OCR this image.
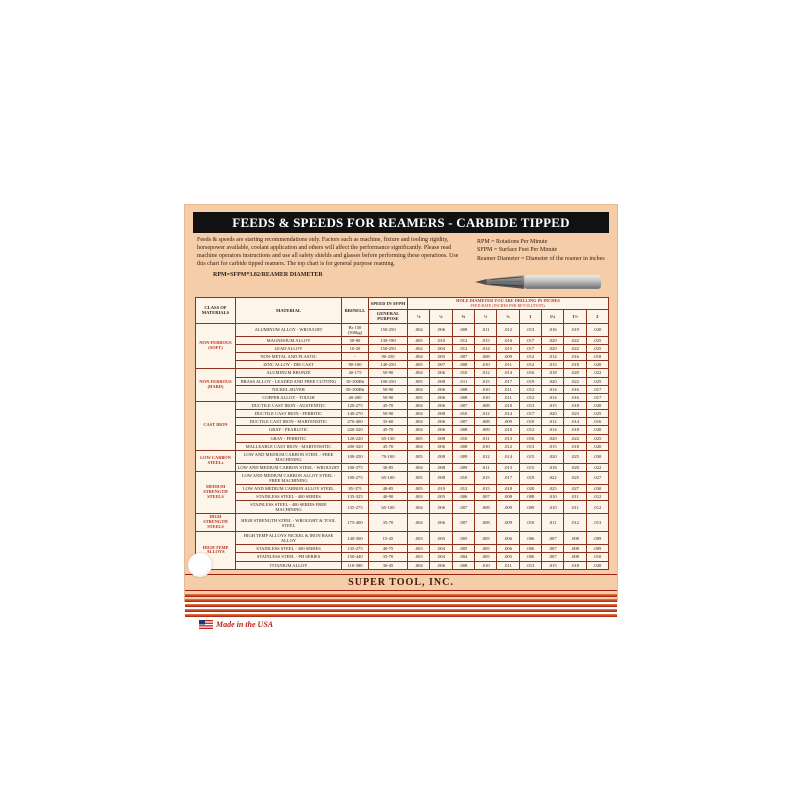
FEEDS & SPEEDS FOR REAMERS - CARBIDE TIPPED
Feeds & speeds are starting recommendations only. Factors such as machine, fixture and tooling rigidity, horsepower available, coolant application and others will affect the performance significantly. Please read machine operators instructions and use all safety shields and glasses before performing these operations. Use this chart for carbide tipped reamers. The top chart is for general purpose reaming.
RPM=SFPM*3.82/REAMER DIAMETER
RPM = Rotations Per Minute
SFPM = Surface Feet Per Minute
Reamer Diameter = Diameter of the reamer in inches
CLASS OF MATERIALS	MATERIAL	BRINELL	SPEED IN SFPM	HOLE DIAMETER YOU ARE DRILLING IN INCHES
FEED RATE (INCHES PER REVOLUTION):								

			GENERAL PURPOSE	⅛	¼	⅜	½	¾	1	1¼	1½	2
NON-FERROUS (SOFT)	ALUMINUM ALLOY - WROUGHT	Br 150 (500kg)	150-250	.004	.006	.008	.011	.012	.013	.016	.019	.020
	MAGNESIUM ALLOY	50-90	130-190	.005	.010	.012	.015	.016	.017	.020	.022	.025
	LEAD ALLOY	10-20	150-250	.002	.004	.012	.014	.015	.017	.020	.022	.025
	NON-METAL AND PLASTIC	-	90-250	.004	.005	.007	.008	.009	.012	.014	.016	.018
	ZINC ALLOY - DIE CAST	80-100	140-250	.005	.007	.008	.010	.011	.012	.015	.018	.020
NON-FERROUS (HARD)	ALUMINUM BRONZE	40-175	50-90	.004	.006	.010	.012	.014	.016	.018	.020	.022
	BRASS ALLOY - LEADED AND FREE CUTTING	10-100Rb	100-250	.005	.008	.011	.015	.017	.019	.020	.022	.025
	NICKEL SILVER	50-100Rb	50-90	.004	.006	.008	.010	.011	.012	.014	.016	.017
	COPPER ALLOY - TOUGH	40-200	50-90	.005	.006	.008	.010	.011	.012	.014	.016	.017
CAST IRON	DUCTILE CAST IRON - AUSTENITIC	120-275	45-70	.004	.006	.007	.008	.010	.013	.015	.018	.020
	DUCTILE CAST IRON - FERRITIC	140-270	50-90	.004	.008	.010	.012	.014	.017	.020	.023	.025
	DUCTILE CAST IRON - MARTENSITIC	270-400	35-60	.004	.006	.007	.008	.009	.010	.012	.014	.016
	GRAY - PEARLITIC	220-320	45-70	.004	.006	.008	.009	.010	.012	.014	.018	.020
	GRAY - FERRITIC	120-220	65-130	.005	.008	.010	.011	.013	.016	.020	.022	.025
	MALLEABLE CAST IRON - MARTENSITIC	200-320	45-70	.004	.006	.008	.010	.012	.013	.015	.018	.020
LOW CARBON STEELs	LOW AND MEDIUM CARBON STEEL - FREE MACHINING	100-250	70-100	.005	.008	.009	.012	.014	.015	.020	.025	.030
	LOW AND MEDIUM CARBON STEEL - WROUGHT	100-375	30-85	.004	.008	.009	.011	.013	.015	.018	.020	.022
MEDIUM STRENGTH STEELS	LOW AND MEDIUM CARBON ALLOY STEEL - FREE MACHINING	100-275	65-100	.005	.008	.010	.015	.017	.019	.022	.025	.027
	LOW AND MEDIUM CARBON ALLOY STEEL	85-375	40-85	.005	.010	.012	.015	.018	.020	.025	.027	.030
	STAINLESS STEEL - 400 SERIES	135-325	40-90	.003	.005	.006	.007	.008	.008	.010	.011	.012
	STAINLESS STEEL - 400 SERIES FREE MACHINING	135-275	65-100	.004	.006	.007	.008	.009	.009	.010	.011	.012
HIGH STRENGTH STEELS	HIGH STRENGTH STEEL - WROUGHT & TOOL STEEL	175-400	35-70	.004	.006	.007	.008	.009	.010	.011	.012	.013
HIGH TEMP ALLOYS	HIGH TEMP ALLOYS NICKEL & IRON BASE ALLOY	140-300	15-45	.003	.005	.005	.005	.006	.006	.007	.008	.009
	STAINLESS STEEL - 300 SERIES	135-275	40-75	.003	.004	.005	.005	.006	.006	.007	.008	.009
	STAINLESS STEEL - PH SERIES	150-440	35-70	.003	.004	.004	.005	.005	.006	.007	.008	.010
	TITANIUM ALLOY	110-380	30-45	.004	.006	.008	.010	.011	.013	.015	.018	.020
SUPER TOOL, INC.
Made in the USA
